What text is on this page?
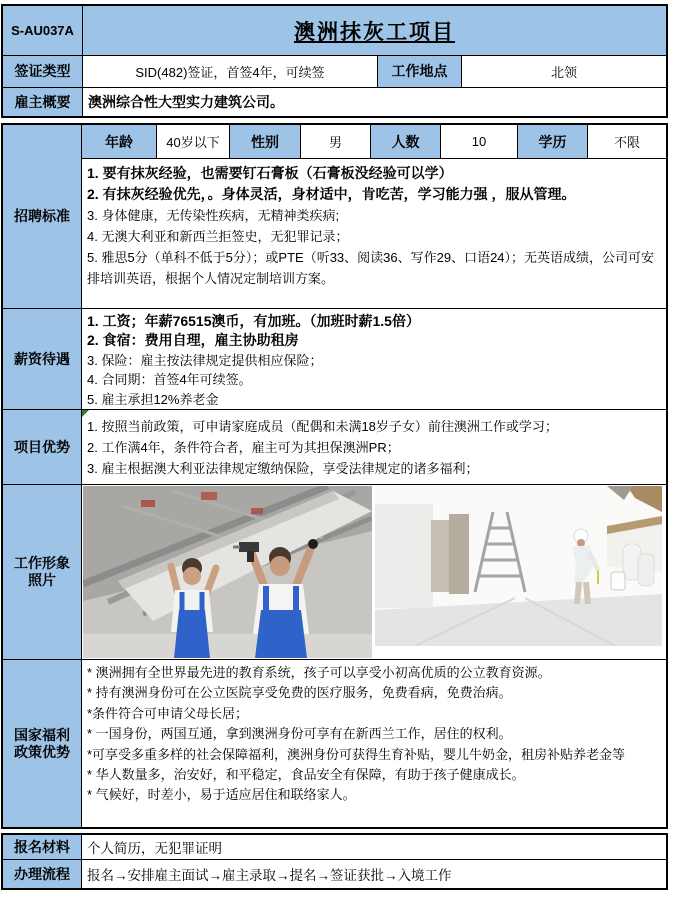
S-AU037A	澳洲抹灰工项目
签证类型	SID(482)签证，首签4年，可续签	工作地点	北领
雇主概要	澳洲综合性大型实力建筑公司。
招聘标准
年龄	40岁以下	性别	男	人数	10	学历	不限
1. 要有抹灰经验，也需要钉石膏板（石膏板没经验可以学）
2. 有抹灰经验优先，。身体灵活，身材适中，肯吃苦，学习能力强 ，服从管理。
3. 身体健康，无传染性疾病，无精神类疾病;
4. 无澳大利亚和新西兰拒签史，无犯罪记录；
5. 雅思5分（单科不低于5分）；或PTE（听33、阅读36、写作29、口语24）；无英语成绩，公司可安排培训英语，根据个人情况定制培训方案。
薪资待遇
1. 工资；年薪76515澳币，有加班。（加班时薪1.5倍）
2. 食宿：费用自理，雇主协助租房
3. 保险：雇主按法律规定提供相应保险；
4. 合同期：首签4年可续签。
5. 雇主承担12%养老金
项目优势
1. 按照当前政策，可申请家庭成员（配偶和未满18岁子女）前往澳洲工作或学习；
2. 工作满4年，条件符合者，雇主可为其担保澳洲PR；
3. 雇主根据澳大利亚法律规定缴纳保险，享受法律规定的诸多福利；
工作形象
照片
国家福利
政策优势
* 澳洲拥有全世界最先进的教育系统，孩子可以享受小初高优质的公立教育资源。
* 持有澳洲身份可在公立医院享受免费的医疗服务，免费看病，免费治病。
*条件符合可申请父母长居；
* 一国身份，两国互通，拿到澳洲身份可享有在新西兰工作，居住的权利。
*可享受多重多样的社会保障福利，澳洲身份可获得生育补贴，婴儿牛奶金，租房补贴养老金等
* 华人数量多，治安好，和平稳定，食品安全有保障，有助于孩子健康成长。
* 气候好，时差小，易于适应居住和联络家人。
报名材料	个人简历，无犯罪证明
办理流程	报名→安排雇主面试→雇主录取→提名→签证获批→入境工作
